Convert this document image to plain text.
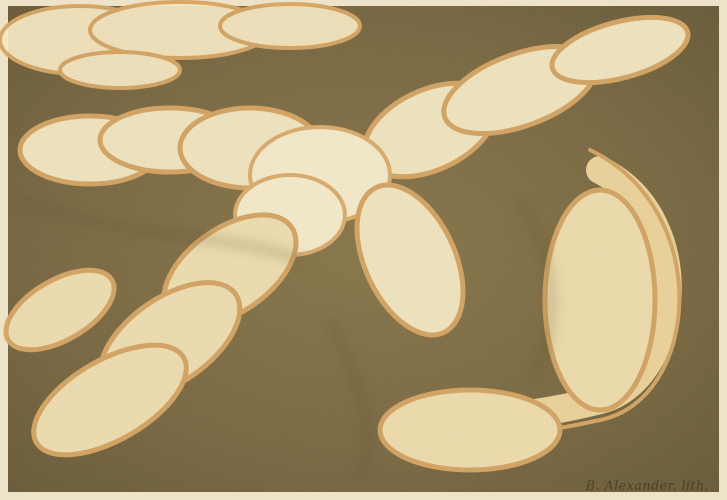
B. Alexander. lith.
